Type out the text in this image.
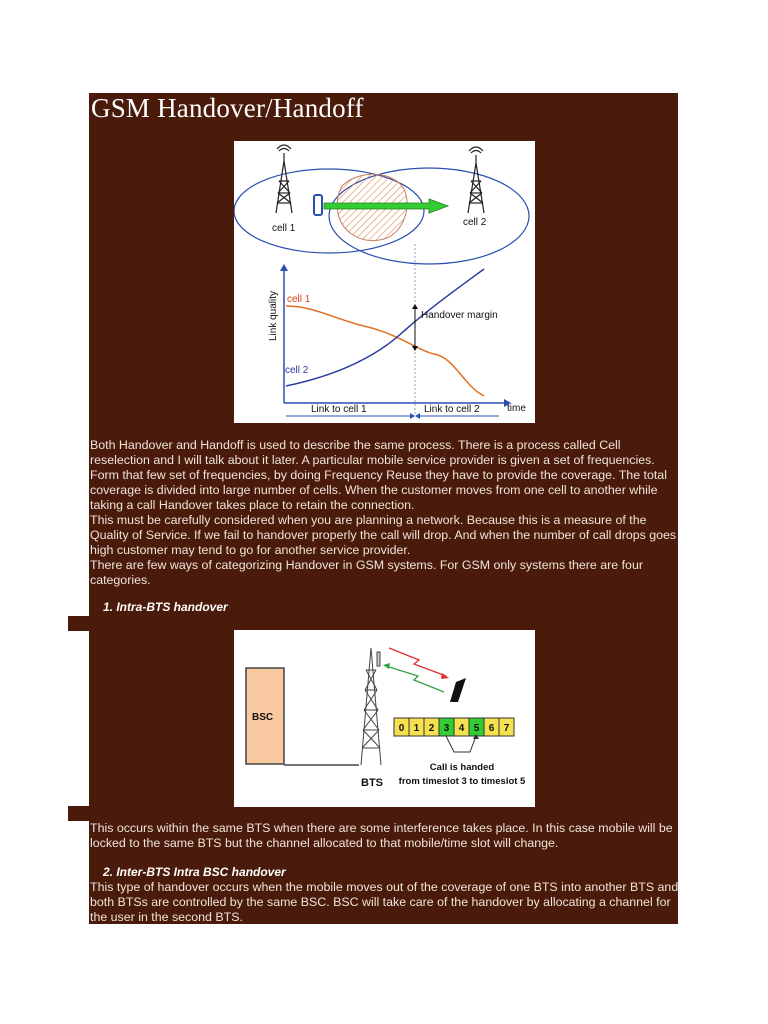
GSM Handover/Handoff
cell 1
cell 2
Link quality cell 1
cell 2
Handover margin
Link to cell 1	Link to cell 2	time

Both Handover and Handoff is used to describe the same process. There is a process called Cell reselection and I will talk about it later. A particular mobile service provider is given a set of frequencies. Form that few set of frequencies, by doing Frequency Reuse they have to provide the coverage. The total coverage is divided into large number of cells. When the customer moves from one cell to another while taking a call Handover takes place to retain the connection.

This must be carefully considered when you are planning a network. Because this is a measure of the Quality of Service. If we fail to handover properly the call will drop. And when the number of call drops goes high customer may tend to go for another service provider.

There are few ways of categorizing Handover in GSM systems. For GSM only systems there are four categories.

1. Intra-BTS handover
BSC
BTS
0 1 2 3 4 5 6 7
Call is handed
from timeslot 3 to timeslot 5
This occurs within the same BTS when there are some interference takes place. In this case mobile will be locked to the same BTS but the channel allocated to that mobile/time slot will change.
2. Inter-BTS Intra BSC handover
This type of handover occurs when the mobile moves out of the coverage of one BTS into another BTS and both BTSs are controlled by the same BSC. BSC will take care of the handover by allocating a channel for the user in the second BTS.
